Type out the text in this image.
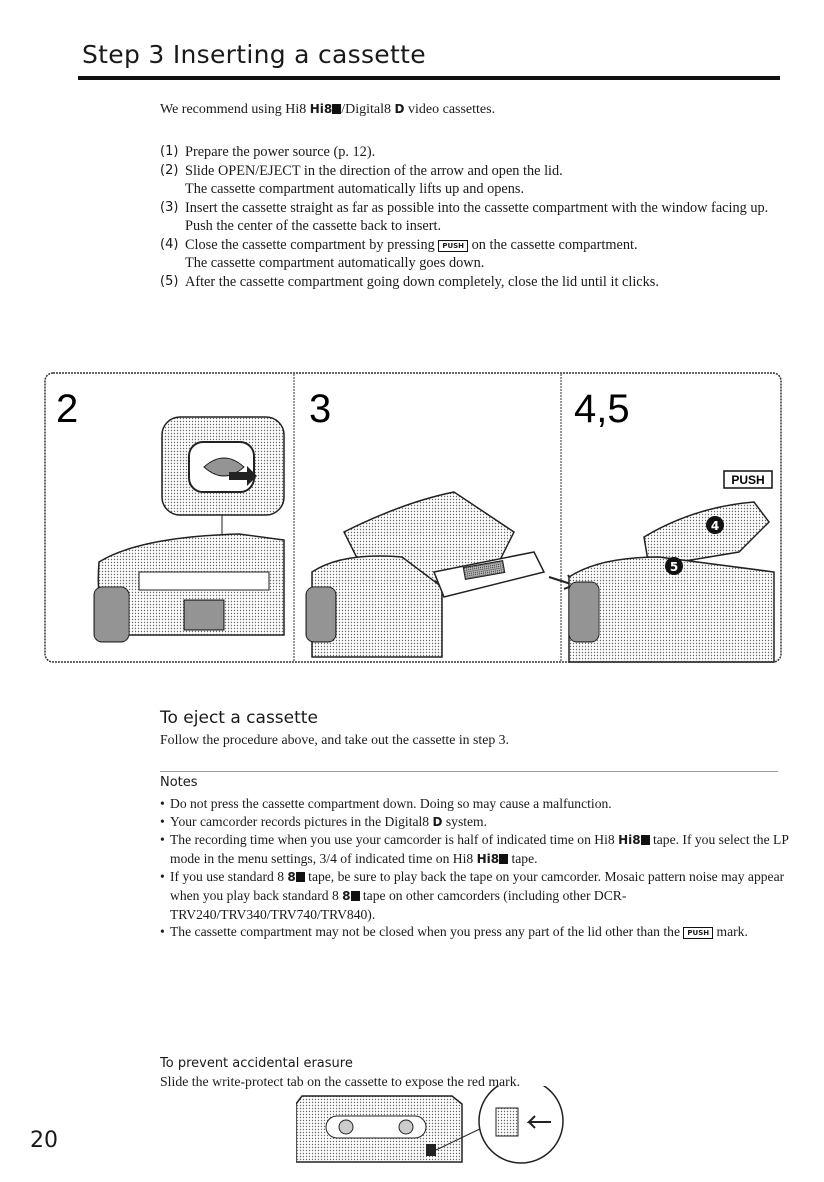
Step 3 Inserting a cassette
We recommend using Hi8 Hi8 /Digital8 D video cassettes.
(1) Prepare the power source (p. 12).
(2) Slide OPEN/EJECT in the direction of the arrow and open the lid.
The cassette compartment automatically lifts up and opens.
(3) Insert the cassette straight as far as possible into the cassette compartment with the window facing up.
Push the center of the cassette back to insert.
(4) Close the cassette compartment by pressing PUSH on the cassette compartment.
The cassette compartment automatically goes down.
(5) After the cassette compartment going down completely, close the lid until it clicks.
2	3	4,5
PUSH
4
5
To eject a cassette
Follow the procedure above, and take out the cassette in step 3.
Notes
• Do not press the cassette compartment down. Doing so may cause a malfunction.
• Your camcorder records pictures in the Digital8 D system.
• The recording time when you use your camcorder is half of indicated time on Hi8 Hi8 tape. If you select the LP mode in the menu settings, 3/4 of indicated time on Hi8 Hi8 tape.
• If you use standard 8 8 tape, be sure to play back the tape on your camcorder. Mosaic pattern noise may appear when you play back standard 8 8 tape on other camcorders (including other DCR-TRV240/TRV340/TRV740/TRV840).
• The cassette compartment may not be closed when you press any part of the lid other than the PUSH mark.
To prevent accidental erasure
Slide the write-protect tab on the cassette to expose the red mark.
20
